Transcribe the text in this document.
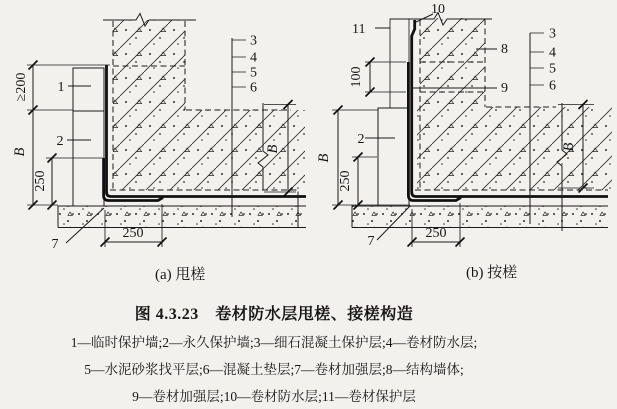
1
2
7
3
4
5
6
≥200
B
250
250
B
(a) 甩槎
11
10
8
9
2
7
3
4
5
6
100
B
250
250
B
(b) 按槎
图 4.3.23　卷材防水层甩槎、接槎构造
1—临时保护墙;2—永久保护墙;3—细石混凝土保护层;4—卷材防水层;
5—水泥砂浆找平层;6—混凝土垫层;7—卷材加强层;8—结构墙体;
9—卷材加强层;10—卷材防水层;11—卷材保护层
